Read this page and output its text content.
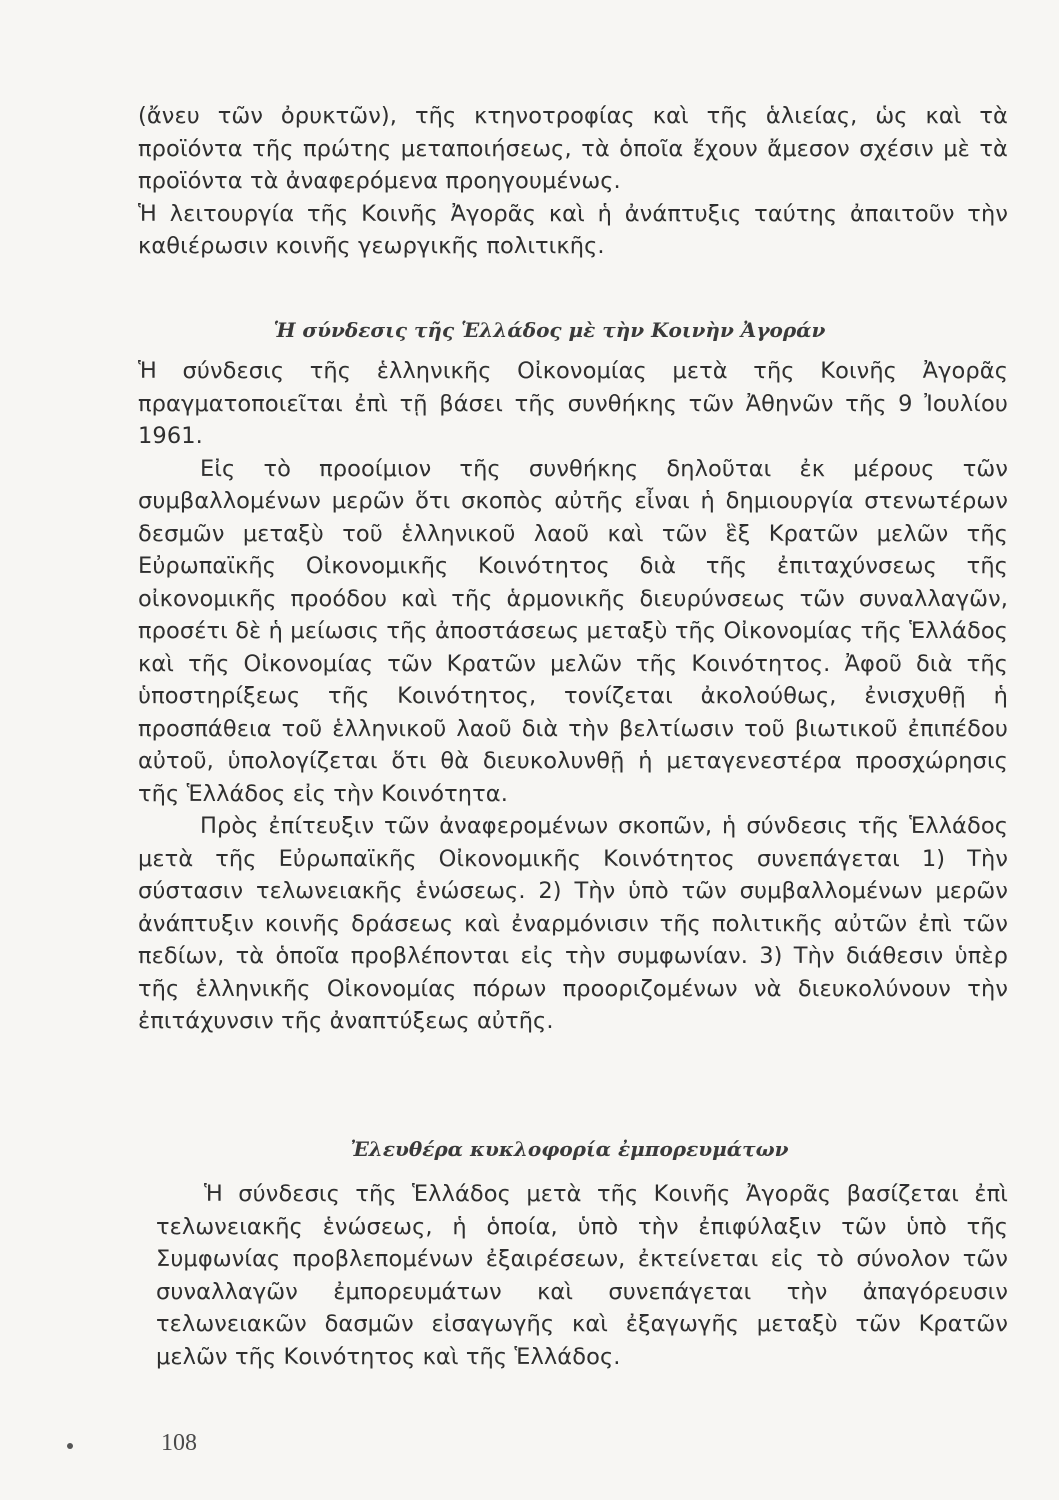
(ἄνευ τῶν ὀρυκτῶν), τῆς κτηνοτροφίας καὶ τῆς ἁλιείας, ὡς καὶ τὰ προϊόντα τῆς πρώτης μεταποιήσεως, τὰ ὁποῖα ἔχουν ἄμεσον σχέσιν μὲ τὰ προϊόντα τὰ ἀναφερόμενα προηγουμένως.

Ἡ λειτουργία τῆς Κοινῆς Ἀγορᾶς καὶ ἡ ἀνάπτυξις ταύτης ἀπαιτοῦν τὴν καθιέρωσιν κοινῆς γεωργικῆς πολιτικῆς.

Ἡ σύνδεσις τῆς Ἑλλάδος μὲ τὴν Κοινὴν Ἀγοράν

Ἡ σύνδεσις τῆς ἑλληνικῆς Οἰκονομίας μετὰ τῆς Κοινῆς Ἀγορᾶς πραγματοποιεῖται ἐπὶ τῇ βάσει τῆς συνθήκης τῶν Ἀθηνῶν τῆς 9 Ἰουλίου 1961.

Εἰς τὸ προοίμιον τῆς συνθήκης δηλοῦται ἐκ μέρους τῶν συμβαλλομένων μερῶν ὅτι σκοπὸς αὐτῆς εἶναι ἡ δημιουργία στενωτέρων δεσμῶν μεταξὺ τοῦ ἑλληνικοῦ λαοῦ καὶ τῶν ἓξ Κρατῶν μελῶν τῆς Εὐρωπαϊκῆς Οἰκονομικῆς Κοινότητος διὰ τῆς ἐπιταχύνσεως τῆς οἰκονομικῆς προόδου καὶ τῆς ἁρμονικῆς διευρύνσεως τῶν συναλλαγῶν, προσέτι δὲ ἡ μείωσις τῆς ἀποστάσεως μεταξὺ τῆς Οἰκονομίας τῆς Ἑλλάδος καὶ τῆς Οἰκονομίας τῶν Κρατῶν μελῶν τῆς Κοινότητος. Ἀφοῦ διὰ τῆς ὑποστηρίξεως τῆς Κοινότητος, τονίζεται ἀκολούθως, ἐνισχυθῇ ἡ προσπάθεια τοῦ ἑλληνικοῦ λαοῦ διὰ τὴν βελτίωσιν τοῦ βιωτικοῦ ἐπιπέδου αὐτοῦ, ὑπολογίζεται ὅτι θὰ διευκολυνθῇ ἡ μεταγενεστέρα προσχώρησις τῆς Ἑλλάδος εἰς τὴν Κοινότητα.

Πρὸς ἐπίτευξιν τῶν ἀναφερομένων σκοπῶν, ἡ σύνδεσις τῆς Ἑλλάδος μετὰ τῆς Εὐρωπαϊκῆς Οἰκονομικῆς Κοινότητος συνεπάγεται 1) Τὴν σύστασιν τελωνειακῆς ἑνώσεως. 2) Τὴν ὑπὸ τῶν συμβαλλομένων μερῶν ἀνάπτυξιν κοινῆς δράσεως καὶ ἐναρμόνισιν τῆς πολιτικῆς αὐτῶν ἐπὶ τῶν πεδίων, τὰ ὁποῖα προβλέπονται εἰς τὴν συμφωνίαν. 3) Τὴν διάθεσιν ὑπὲρ τῆς ἑλληνικῆς Οἰκονομίας πόρων προοριζομένων νὰ διευκολύνουν τὴν ἐπιτάχυνσιν τῆς ἀναπτύξεως αὐτῆς.

Ἐλευθέρα κυκλοφορία ἐμπορευμάτων

Ἡ σύνδεσις τῆς Ἑλλάδος μετὰ τῆς Κοινῆς Ἀγορᾶς βασίζεται ἐπὶ τελωνειακῆς ἑνώσεως, ἡ ὁποία, ὑπὸ τὴν ἐπιφύλαξιν τῶν ὑπὸ τῆς Συμφωνίας προβλεπομένων ἐξαιρέσεων, ἐκτείνεται εἰς τὸ σύνολον τῶν συναλλαγῶν ἐμπορευμάτων καὶ συνεπάγεται τὴν ἀπαγόρευσιν τελωνειακῶν δασμῶν εἰσαγωγῆς καὶ ἐξαγωγῆς μεταξὺ τῶν Κρατῶν μελῶν τῆς Κοινότητος καὶ τῆς Ἑλλάδος.

108
